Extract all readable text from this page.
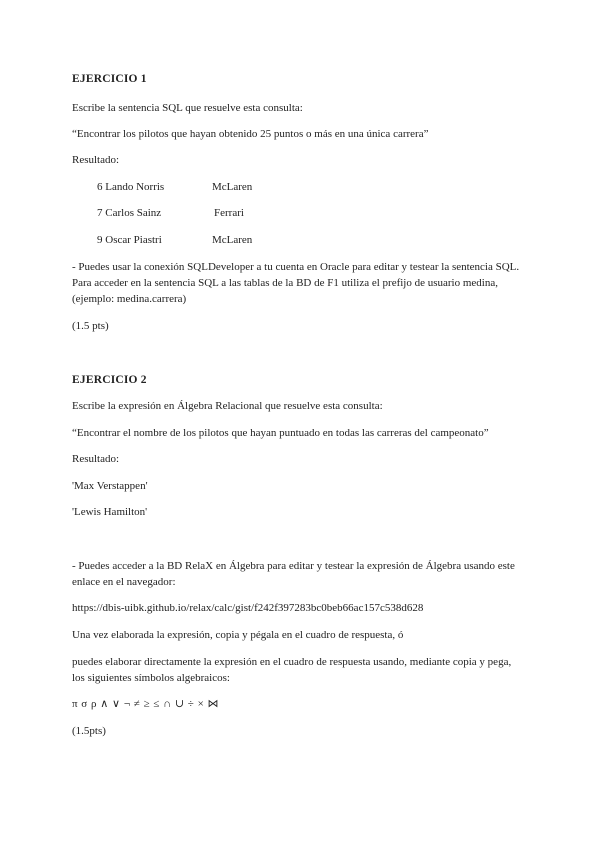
EJERCICIO 1
Escribe la sentencia SQL que resuelve esta consulta:
“Encontrar los pilotos que hayan obtenido 25 puntos o más en una única carrera”
Resultado:
6 Lando Norris	McLaren
7 Carlos Sainz	Ferrari
9 Oscar Piastri	McLaren
- Puedes usar la conexión SQLDeveloper a tu cuenta en Oracle para editar y testear la sentencia SQL.
Para acceder en la sentencia SQL a las tablas de la BD de F1 utiliza el prefijo de usuario medina,
(ejemplo: medina.carrera)
(1.5 pts)
EJERCICIO 2
Escribe la expresión en Álgebra Relacional que resuelve esta consulta:
“Encontrar el nombre de los pilotos que hayan puntuado en todas las carreras del campeonato”
Resultado:
'Max Verstappen'
'Lewis Hamilton'
- Puedes acceder a la BD RelaX en Álgebra para editar y testear la expresión de Álgebra usando este
enlace en el navegador:
https://dbis-uibk.github.io/relax/calc/gist/f242f397283bc0beb66ac157c538d628
Una vez elaborada la expresión, copia y pégala en el cuadro de respuesta, ó
puedes elaborar directamente la expresión en el cuadro de respuesta usando, mediante copia y pega,
los siguientes símbolos algebraicos:
π σ ρ ∧ ∨ ¬ ≠ ≥ ≤ ∩ ∪ ÷ × ⋈
(1.5pts)
